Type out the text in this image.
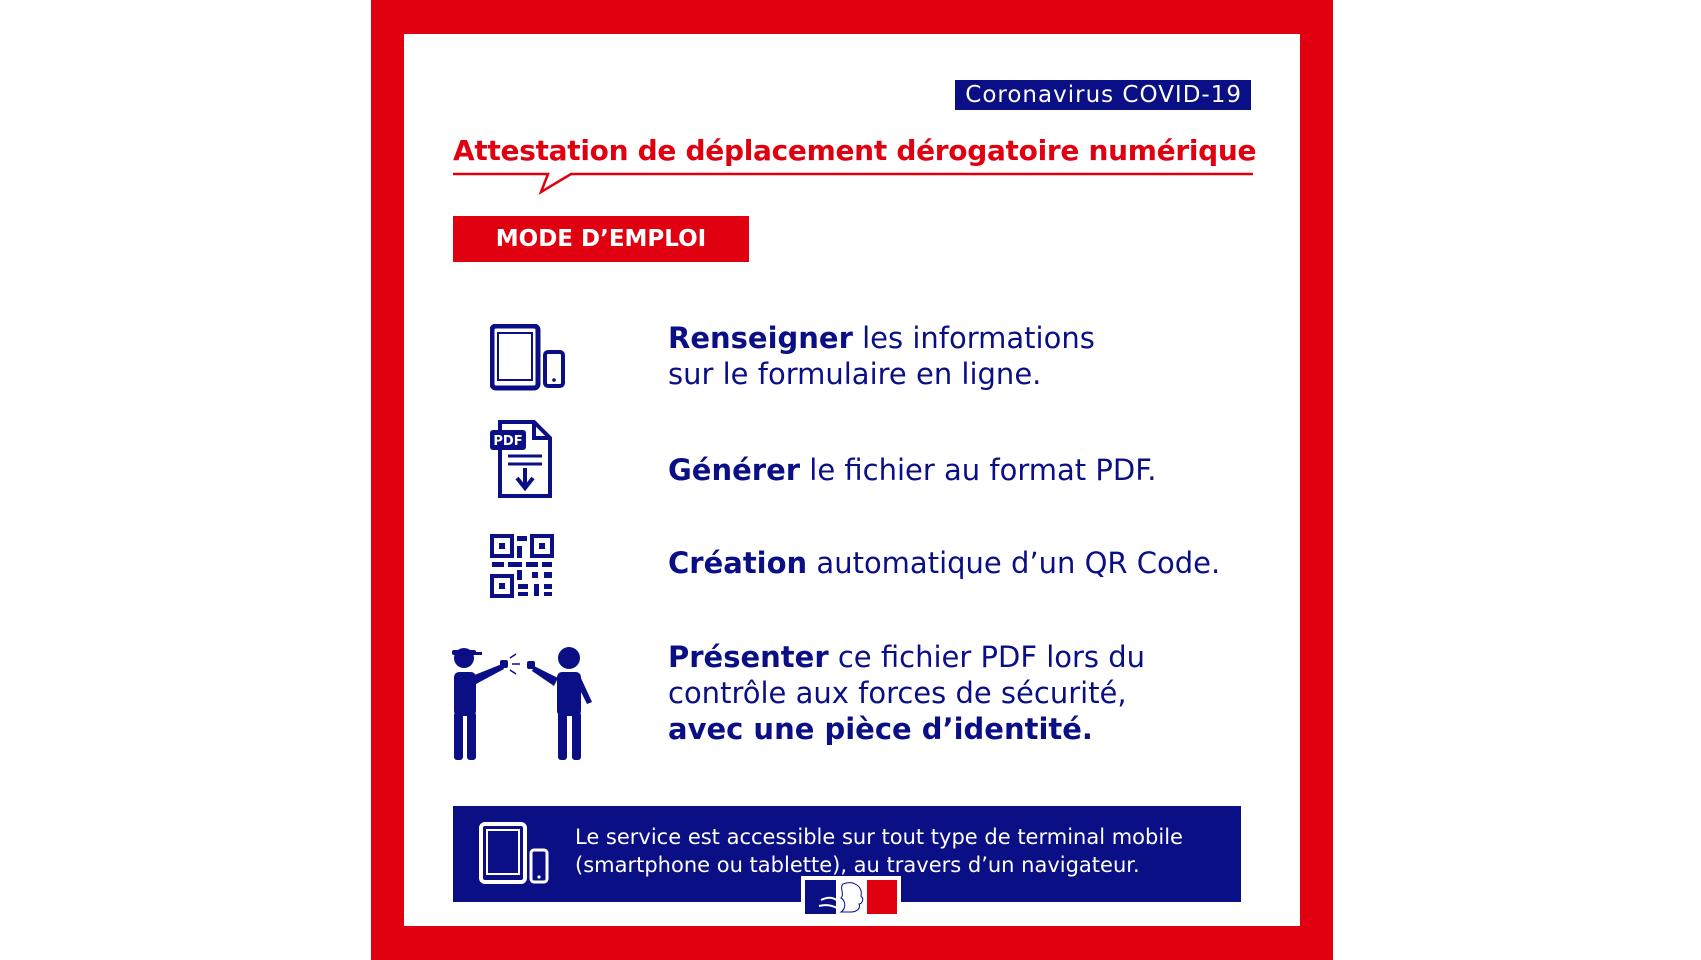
Coronavirus COVID-19
Attestation de déplacement dérogatoire numérique
MODE D’EMPLOI
Renseigner les informations
sur le formulaire en ligne.
PDF
Générer le fichier au format PDF.
Création automatique d’un QR Code.
Présenter ce fichier PDF lors du
contrôle aux forces de sécurité,
avec une pièce d’identité.
Le service est accessible sur tout type de terminal mobile
(smartphone ou tablette), au travers d’un navigateur.
